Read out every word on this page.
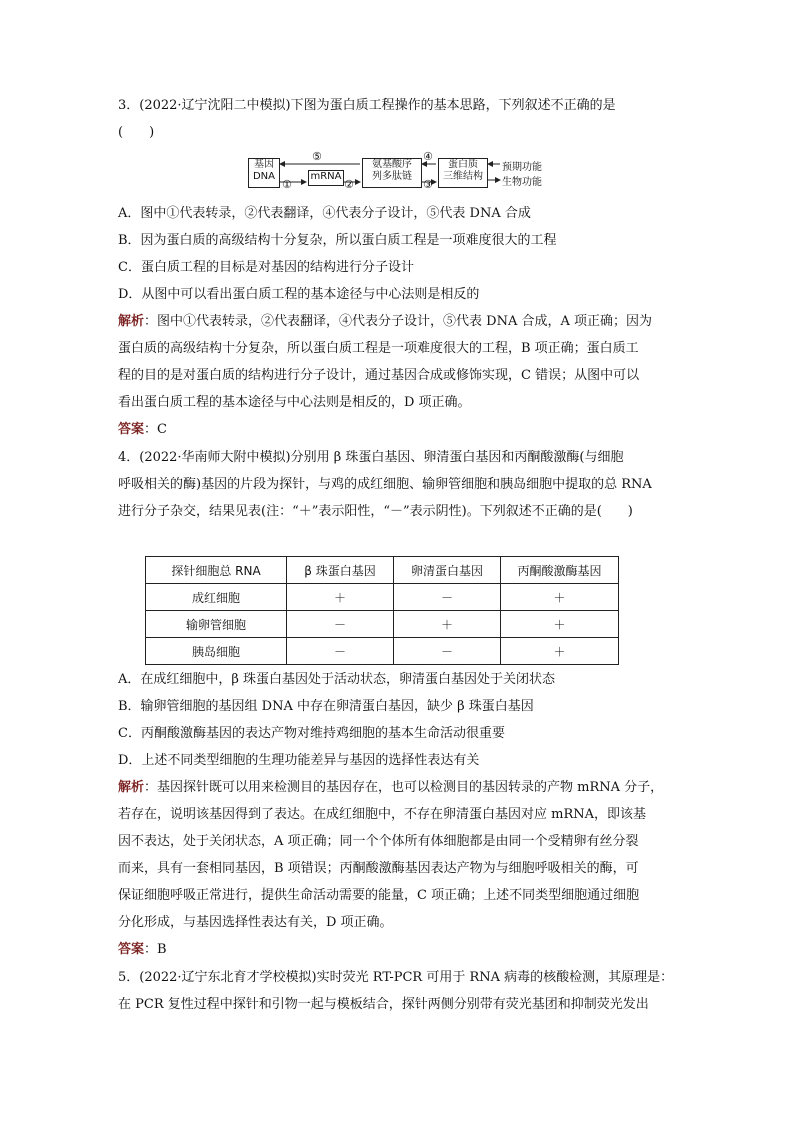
3．(2022·辽宁沈阳二中模拟)下图为蛋白质工程操作的基本思路，下列叙述不正确的是
(　　)
基因
DNA	mRNA
氨基酸序
列多肽链
蛋白质
三维结构
⑤
①	②
④
③
预期功能
生物功能
A．图中①代表转录，②代表翻译，④代表分子设计，⑤代表 DNA 合成
B．因为蛋白质的高级结构十分复杂，所以蛋白质工程是一项难度很大的工程
C．蛋白质工程的目标是对基因的结构进行分子设计
D．从图中可以看出蛋白质工程的基本途径与中心法则是相反的
解析：图中①代表转录，②代表翻译，④代表分子设计，⑤代表 DNA 合成，A 项正确；因为
蛋白质的高级结构十分复杂，所以蛋白质工程是一项难度很大的工程，B 项正确；蛋白质工
程的目的是对蛋白质的结构进行分子设计，通过基因合成或修饰实现，C 错误；从图中可以
看出蛋白质工程的基本途径与中心法则是相反的，D 项正确。
答案：C
4．(2022·华南师大附中模拟)分别用 β 珠蛋白基因、卵清蛋白基因和丙酮酸激酶(与细胞
呼吸相关的酶)基因的片段为探针，与鸡的成红细胞、输卵管细胞和胰岛细胞中提取的总 RNA
进行分子杂交，结果见表(注：“＋”表示阳性，“－”表示阴性)。下列叙述不正确的是(　　)
探针细胞总 RNA	β 珠蛋白基因	卵清蛋白基因	丙酮酸激酶基因
成红细胞	＋	－	＋
输卵管细胞	－	＋	＋
胰岛细胞	－	－	＋
A．在成红细胞中，β 珠蛋白基因处于活动状态，卵清蛋白基因处于关闭状态
B．输卵管细胞的基因组 DNA 中存在卵清蛋白基因，缺少 β 珠蛋白基因
C．丙酮酸激酶基因的表达产物对维持鸡细胞的基本生命活动很重要
D．上述不同类型细胞的生理功能差异与基因的选择性表达有关
解析：基因探针既可以用来检测目的基因存在，也可以检测目的基因转录的产物 mRNA 分子，
若存在，说明该基因得到了表达。在成红细胞中，不存在卵清蛋白基因对应 mRNA，即该基
因不表达，处于关闭状态，A 项正确；同一个个体所有体细胞都是由同一个受精卵有丝分裂
而来，具有一套相同基因，B 项错误；丙酮酸激酶基因表达产物为与细胞呼吸相关的酶，可
保证细胞呼吸正常进行，提供生命活动需要的能量，C 项正确；上述不同类型细胞通过细胞
分化形成，与基因选择性表达有关，D 项正确。
答案：B
5．(2022·辽宁东北育才学校模拟)实时荧光 RT-PCR 可用于 RNA 病毒的核酸检测，其原理是：
在 PCR 复性过程中探针和引物一起与模板结合，探针两侧分别带有荧光基团和抑制荧光发出
